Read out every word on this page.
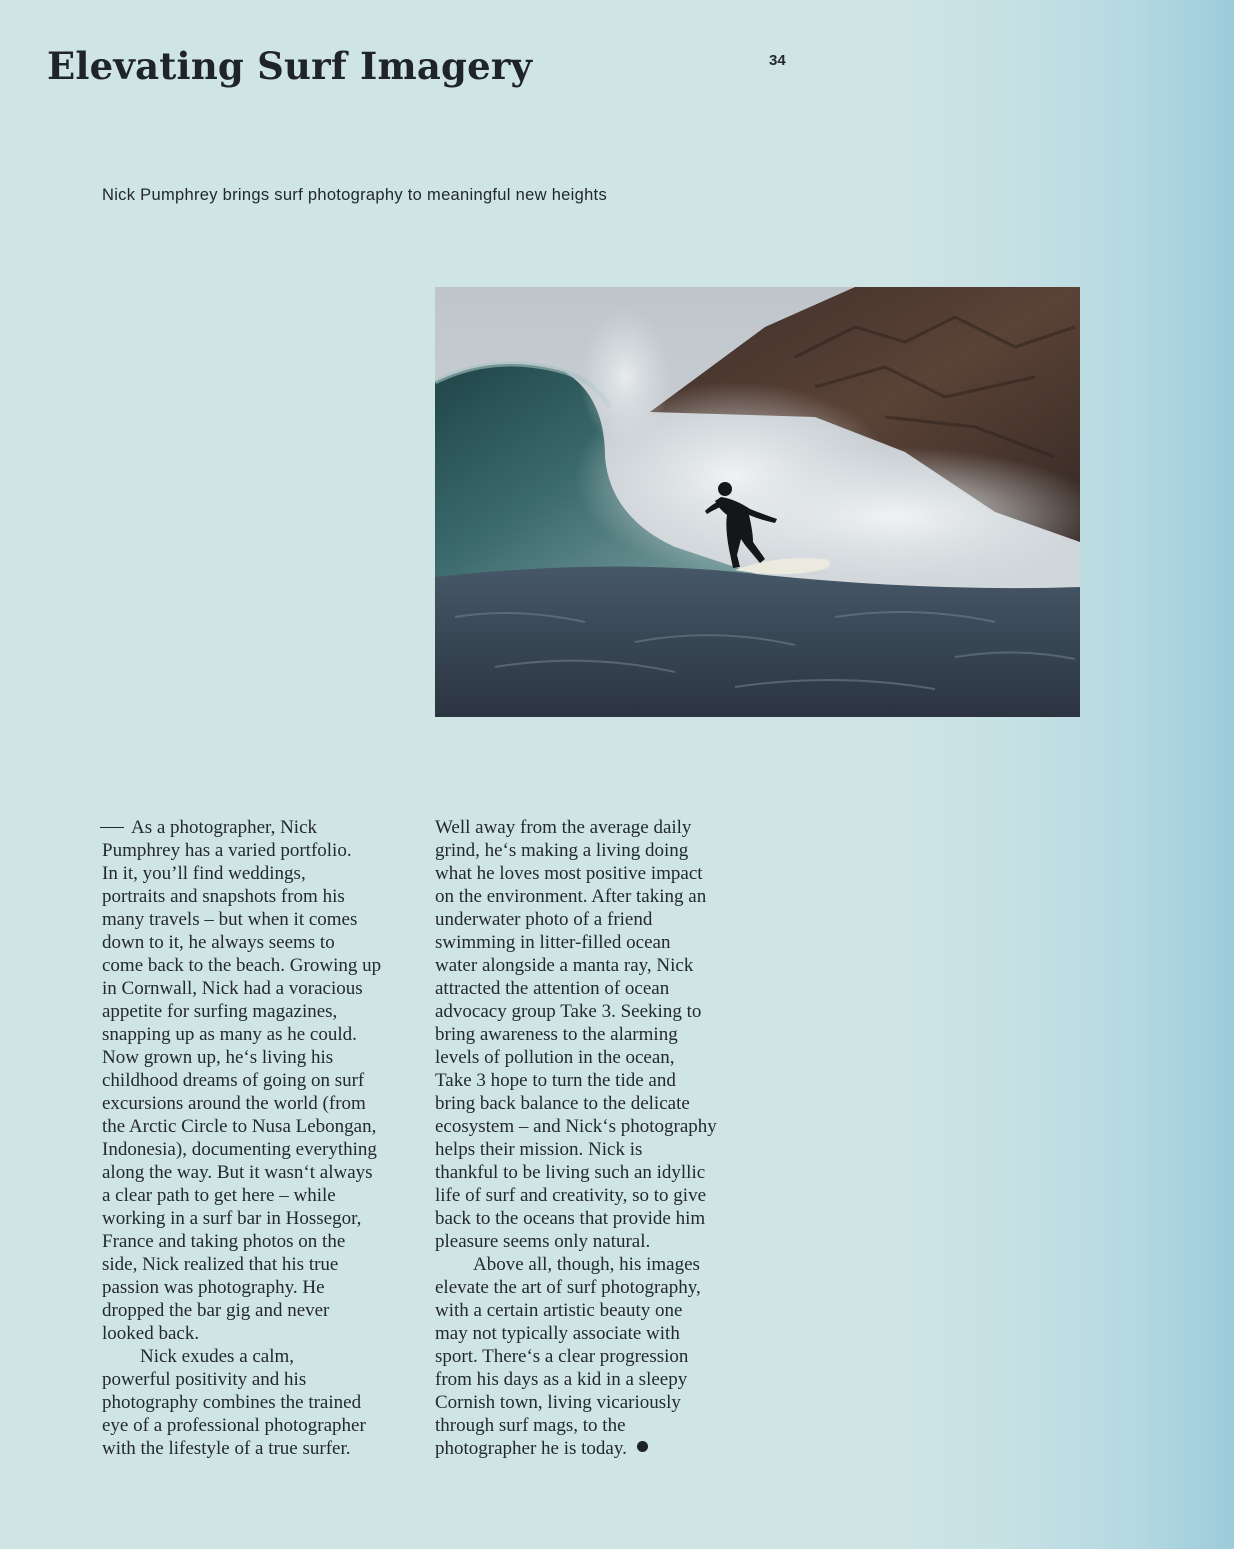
Elevating Surf Imagery	34
Nick Pumphrey brings surf photography to meaningful new heights

As a photographer, Nick
Pumphrey has a varied portfolio.
In it, you’ll find weddings,
portraits and snapshots from his
many travels – but when it comes
down to it, he always seems to
come back to the beach. Growing up
in Cornwall, Nick had a voracious
appetite for surfing magazines,
snapping up as many as he could.
Now grown up, he‘s living his
childhood dreams of going on surf
excursions around the world (from
the Arctic Circle to Nusa Lebongan,
Indonesia), documenting everything
along the way. But it wasn‘t always
a clear path to get here – while
working in a surf bar in Hossegor,
France and taking photos on the
side, Nick realized that his true
passion was photography. He
dropped the bar gig and never
looked back.

Nick exudes a calm,
powerful positivity and his
photography combines the trained
eye of a professional photographer
with the lifestyle of a true surfer.

Well away from the average daily
grind, he‘s making a living doing
what he loves most positive impact
on the environment. After taking an
underwater photo of a friend
swimming in litter-filled ocean
water alongside a manta ray, Nick
attracted the attention of ocean
advocacy group Take 3. Seeking to
bring awareness to the alarming
levels of pollution in the ocean,
Take 3 hope to turn the tide and
bring back balance to the delicate
ecosystem – and Nick‘s photography
helps their mission. Nick is
thankful to be living such an idyllic
life of surf and creativity, so to give
back to the oceans that provide him
pleasure seems only natural.

Above all, though, his images
elevate the art of surf photography,
with a certain artistic beauty one
may not typically associate with
sport. There‘s a clear progression
from his days as a kid in a sleepy
Cornish town, living vicariously
through surf mags, to the
photographer he is today.
